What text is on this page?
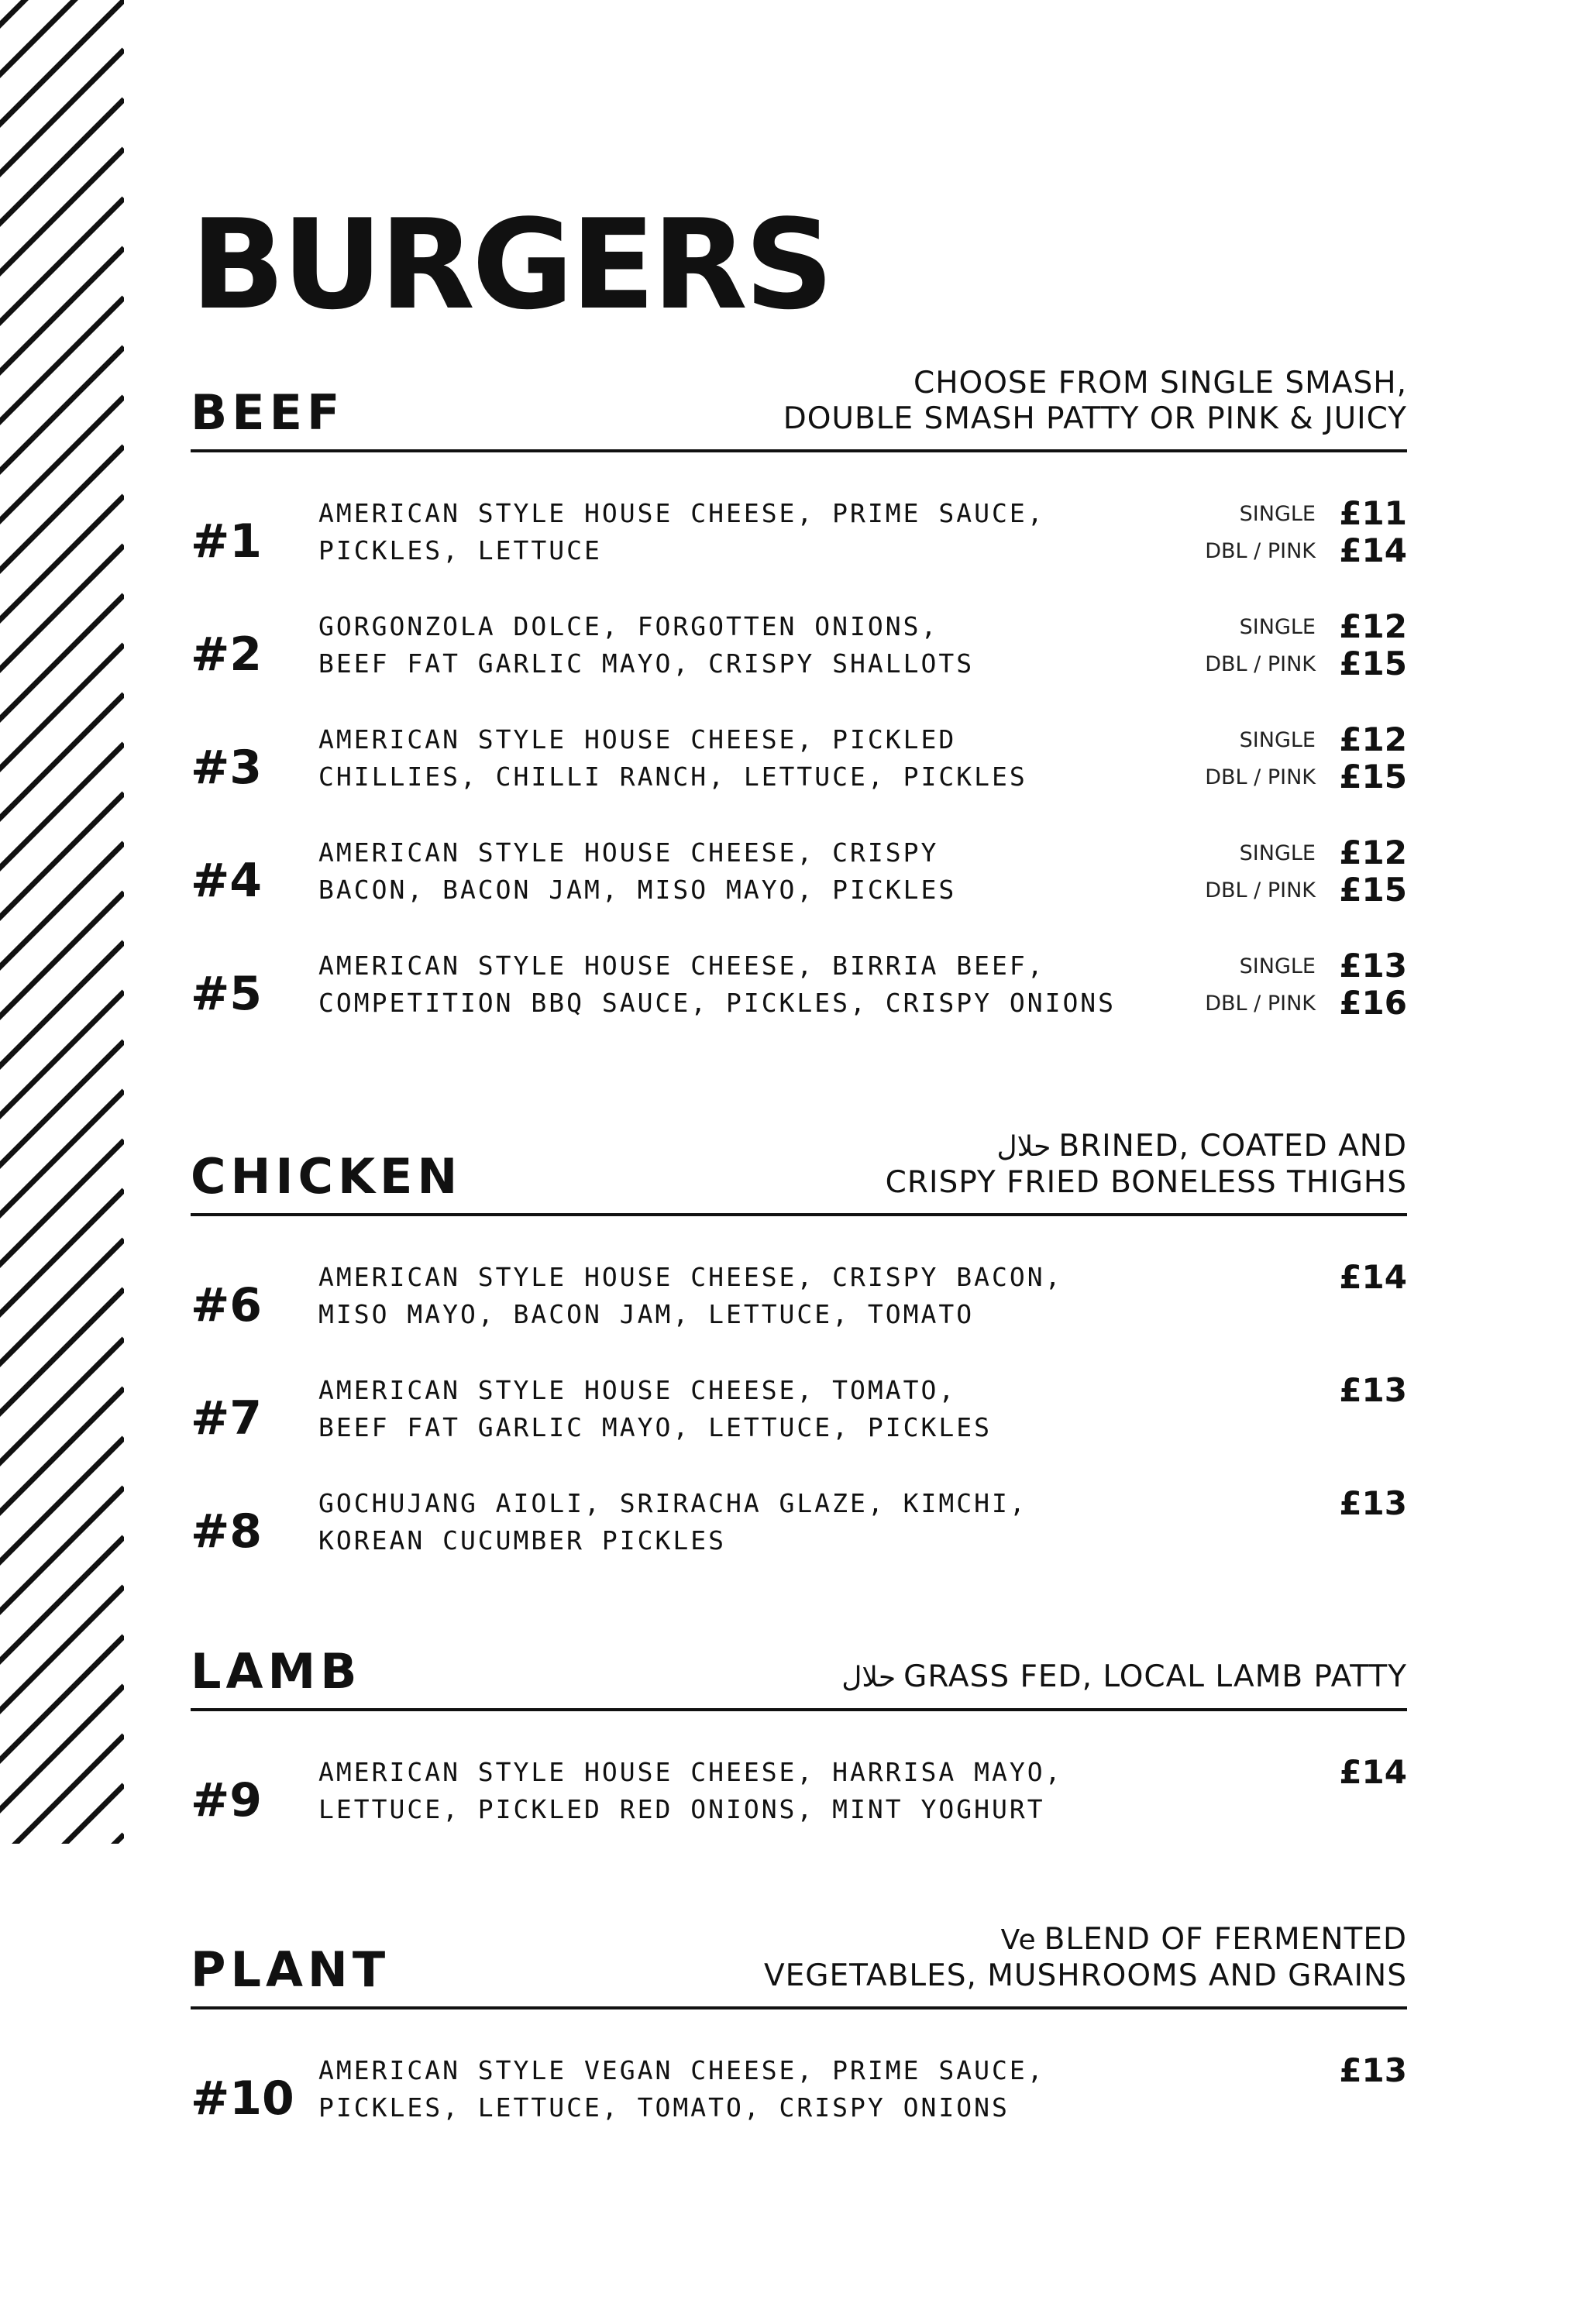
BURGERS
BEEF
CHOOSE FROM SINGLE SMASH,
DOUBLE SMASH PATTY OR PINK & JUICY
#1
AMERICAN STYLE HOUSE CHEESE, PRIME SAUCE,
PICKLES, LETTUCE
SINGLE £11
DBL / PINK £14
#2
GORGONZOLA DOLCE, FORGOTTEN ONIONS,
BEEF FAT GARLIC MAYO, CRISPY SHALLOTS
SINGLE £12
DBL / PINK £15
#3
AMERICAN STYLE HOUSE CHEESE, PICKLED
CHILLIES, CHILLI RANCH, LETTUCE, PICKLES
SINGLE £12
DBL / PINK £15
#4
AMERICAN STYLE HOUSE CHEESE, CRISPY
BACON, BACON JAM, MISO MAYO, PICKLES
SINGLE £12
DBL / PINK £15
#5
AMERICAN STYLE HOUSE CHEESE, BIRRIA BEEF,
COMPETITION BBQ SAUCE, PICKLES, CRISPY ONIONS
SINGLE £13
DBL / PINK £16
CHICKEN
حلال BRINED, COATED AND
CRISPY FRIED BONELESS THIGHS
#6
AMERICAN STYLE HOUSE CHEESE, CRISPY BACON,
MISO MAYO, BACON JAM, LETTUCE, TOMATO
£14
#7
AMERICAN STYLE HOUSE CHEESE, TOMATO,
BEEF FAT GARLIC MAYO, LETTUCE, PICKLES
£13
#8
GOCHUJANG AIOLI, SRIRACHA GLAZE, KIMCHI,
KOREAN CUCUMBER PICKLES
£13
LAMB	حلال GRASS FED, LOCAL LAMB PATTY
#9
AMERICAN STYLE HOUSE CHEESE, HARRISA MAYO,
LETTUCE, PICKLED RED ONIONS, MINT YOGHURT
£14
PLANT
Ve BLEND OF FERMENTED
VEGETABLES, MUSHROOMS AND GRAINS
#10
AMERICAN STYLE VEGAN CHEESE, PRIME SAUCE,
PICKLES, LETTUCE, TOMATO, CRISPY ONIONS
£13
